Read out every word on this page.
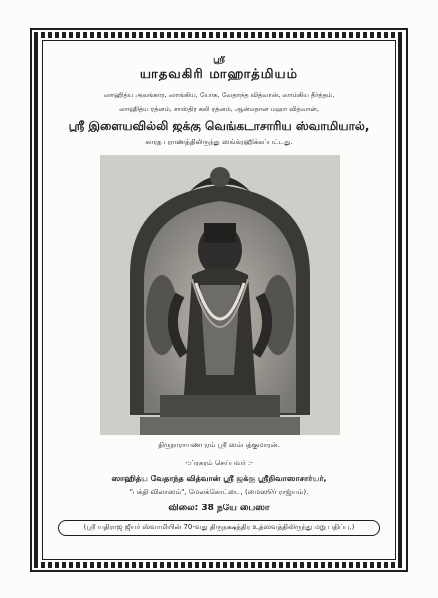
ஸ்ரீ
யாதவகிரி மாஹாத்மியம்
ஸாஹித்ய அலங்கார, ஸாங்கிய, யோக, வேதாந்த வித்வான், ஸாம்கிய தீர்த்தம்,
ஸாஹித்ய ரத்னம், சாஸ்திர கலி ரத்னம், ஆன்மதான மஹா வித்வான்,
ஸ்ரீ இளையவில்லி ஜக்கு வெங்கடாசாரிய ஸ்வாமியால்,
காரத புராணத்திலிருந்து ஸங்க்ரஹிக்கப்பட்டது.
திருநாராயணபுரம் ஸ்ரீ ஸம்பத்குமாரன்.
-:ப்ரசுரம் செய்பவர் :-
ஸாஹித்ய வேதாந்த வித்வான் ஸ்ரீ ஜக்கு ஸ்ரீநிவாஸாசார்யர்,
"பக்தி விலாஸம்", மேலக்கோட்டை, (மைஸூர் ராஜ்யம்).
விலை: 38 நயே பைஸா
(ஸ்ரீ யதிராஜ ஜீயர் ஸ்வாமியின் 70-வது திருநக்ஷத்திர உத்ஸவத்திலிருந்து மறு பதிப்பு.)
